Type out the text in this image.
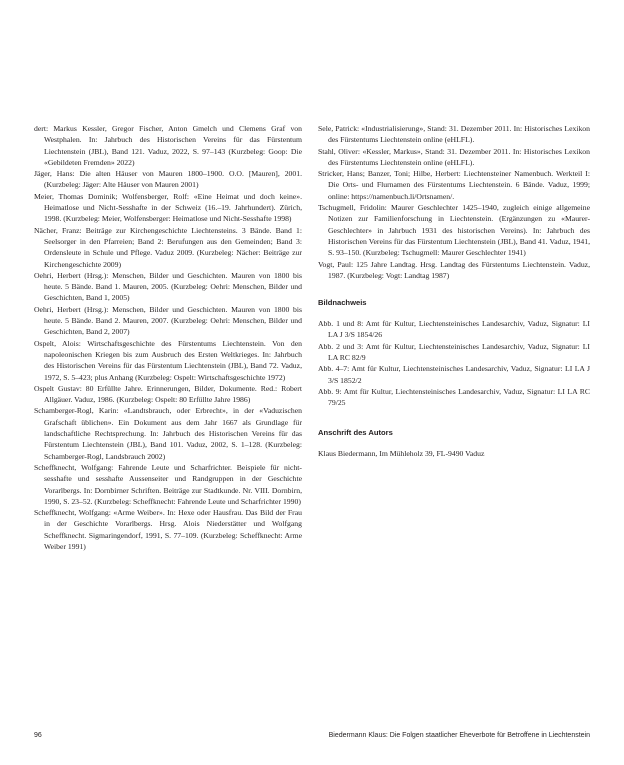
dert: Markus Kessler, Gregor Fischer, Anton Gmelch und Clemens Graf von Westphalen. In: Jahrbuch des Historischen Vereins für das Fürstentum Liechtenstein (JBL), Band 121. Vaduz, 2022, S. 97–143 (Kurzbeleg: Goop: Die «Gebildeten Fremden» 2022)

Jäger, Hans: Die alten Häuser von Mauren 1800–1900. O.O. [Mauren], 2001. (Kurzbeleg: Jäger: Alte Häuser von Mauren 2001)

Meier, Thomas Dominik; Wolfensberger, Rolf: «Eine Heimat und doch keine». Heimatlose und Nicht-Sesshafte in der Schweiz (16.–19. Jahrhundert). Zürich, 1998. (Kurzbeleg: Meier, Wolfensberger: Heimatlose und Nicht-Sesshafte 1998)

Nächer, Franz: Beiträge zur Kirchengeschichte Liechtensteins. 3 Bände. Band 1: Seelsorger in den Pfarreien; Band 2: Berufungen aus den Gemeinden; Band 3: Ordensleute in Schule und Pflege. Vaduz 2009. (Kurzbeleg: Nächer: Beiträge zur Kirchengeschichte 2009)

Oehri, Herbert (Hrsg.): Menschen, Bilder und Geschichten. Mauren von 1800 bis heute. 5 Bände. Band 1. Mauren, 2005. (Kurzbeleg: Oehri: Menschen, Bilder und Geschichten, Band 1, 2005)

Oehri, Herbert (Hrsg.): Menschen, Bilder und Geschichten. Mauren von 1800 bis heute. 5 Bände. Band 2. Mauren, 2007. (Kurzbeleg: Oehri: Menschen, Bilder und Geschichten, Band 2, 2007)

Ospelt, Alois: Wirtschaftsgeschichte des Fürstentums Liechtenstein. Von den napoleonischen Kriegen bis zum Ausbruch des Ersten Weltkrieges. In: Jahrbuch des Historischen Vereins für das Fürstentum Liechtenstein (JBL), Band 72. Vaduz, 1972, S. 5–423; plus Anhang (Kurzbeleg: Ospelt: Wirtschaftsgeschichte 1972)

Ospelt Gustav: 80 Erfüllte Jahre. Erinnerungen, Bilder, Dokumente. Red.: Robert Allgäuer. Vaduz, 1986. (Kurzbeleg: Ospelt: 80 Erfüllte Jahre 1986)

Schamberger-Rogl, Karin: «Landtsbrauch, oder Erbrecht», in der «Vaduzischen Grafschaft üblichen». Ein Dokument aus dem Jahr 1667 als Grundlage für landschaftliche Rechtsprechung. In: Jahrbuch des Historischen Vereins für das Fürstentum Liechtenstein (JBL), Band 101. Vaduz, 2002, S. 1–128. (Kurzbeleg: Schamberger-Rogl, Landsbrauch 2002)

Scheffknecht, Wolfgang: Fahrende Leute und Scharfrichter. Beispiele für nicht-sesshafte und sesshafte Aussenseiter und Randgruppen in der Geschichte Vorarlbergs. In: Dornbirner Schriften. Beiträge zur Stadtkunde. Nr. VIII. Dornbirn, 1990, S. 23–52. (Kurzbeleg: Scheffknecht: Fahrende Leute und Scharfrichter 1990)

Scheffknecht, Wolfgang: «Arme Weiber». In: Hexe oder Hausfrau. Das Bild der Frau in der Geschichte Vorarlbergs. Hrsg. Alois Niederstätter und Wolfgang Scheffknecht. Sigmaringendorf, 1991, S. 77–109. (Kurzbeleg: Scheffknecht: Arme Weiber 1991)

Sele, Patrick: «Industrialisierung», Stand: 31. Dezember 2011. In: Historisches Lexikon des Fürstentums Liechtenstein online (eHLFL).

Stahl, Oliver: «Kessler, Markus», Stand: 31. Dezember 2011. In: Historisches Lexikon des Fürstentums Liechtenstein online (eHLFL).

Stricker, Hans; Banzer, Toni; Hilbe, Herbert: Liechtensteiner Namenbuch. Werkteil I: Die Orts- und Flurnamen des Fürstentums Liechtenstein. 6 Bände. Vaduz, 1999; online: https://namenbuch.li/Ortsnamen/.

Tschugmell, Fridolin: Maurer Geschlechter 1425–1940, zugleich einige allgemeine Notizen zur Familienforschung in Liechtenstein. (Ergänzungen zu «Maurer-Geschlechter» in Jahrbuch 1931 des historischen Vereins). In: Jahrbuch des Historischen Vereins für das Fürstentum Liechtenstein (JBL), Band 41. Vaduz, 1941, S. 93–150. (Kurzbeleg: Tschugmell: Maurer Geschlechter 1941)

Vogt, Paul: 125 Jahre Landtag. Hrsg. Landtag des Fürstentums Liechtenstein. Vaduz, 1987. (Kurzbeleg: Vogt: Landtag 1987)

Bildnachweis

Abb. 1 und 8: Amt für Kultur, Liechtensteinisches Landesarchiv, Vaduz, Signatur: LI LA J 3/S 1854/26

Abb. 2 und 3: Amt für Kultur, Liechtensteinisches Landesarchiv, Vaduz, Signatur: LI LA RC 82/9

Abb. 4–7: Amt für Kultur, Liechtensteinisches Landesarchiv, Vaduz, Signatur: LI LA J 3/S 1852/2

Abb. 9: Amt für Kultur, Liechtensteinisches Landesarchiv, Vaduz, Signatur: LI LA RC 79/25

Anschrift des Autors

Klaus Biedermann, Im Mühleholz 39, FL-9490 Vaduz

96	Biedermann Klaus: Die Folgen staatlicher Eheverbote für Betroffene in Liechtenstein
